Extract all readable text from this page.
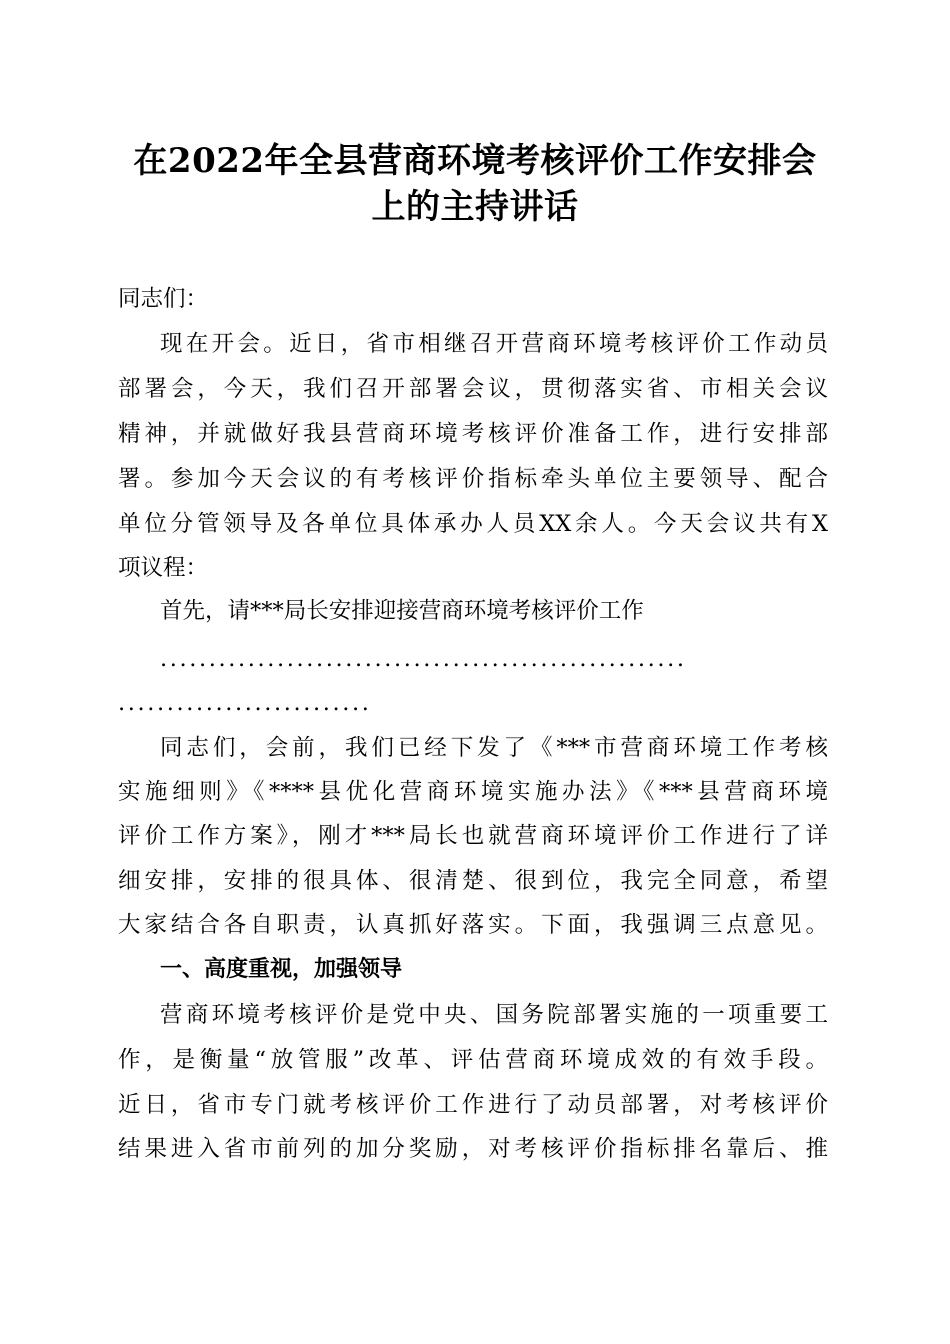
在2022年全县营商环境考核评价工作安排会
上的主持讲话
同志们：
现在开会。近日，省市相继召开营商环境考核评价工作动员
部署会，今天，我们召开部署会议，贯彻落实省、市相关会议
精神，并就做好我县营商环境考核评价准备工作，进行安排部
署。参加今天会议的有考核评价指标牵头单位主要领导、配合
单位分管领导及各单位具体承办人员XX余人。今天会议共有X
项议程：
首先，请***局长安排迎接营商环境考核评价工作
......................................................
..........................
同志们，会前，我们已经下发了《***市营商环境工作考核
实施细则》《****县优化营商环境实施办法》《***县营商环境
评价工作方案》，刚才***局长也就营商环境评价工作进行了详
细安排，安排的很具体、很清楚、很到位，我完全同意，希望
大家结合各自职责，认真抓好落实。下面，我强调三点意见。
一、高度重视，加强领导
营商环境考核评价是党中央、国务院部署实施的一项重要工
作，是衡量“放管服”改革、评估营商环境成效的有效手段。
近日，省市专门就考核评价工作进行了动员部署，对考核评价
结果进入省市前列的加分奖励，对考核评价指标排名靠后、推
